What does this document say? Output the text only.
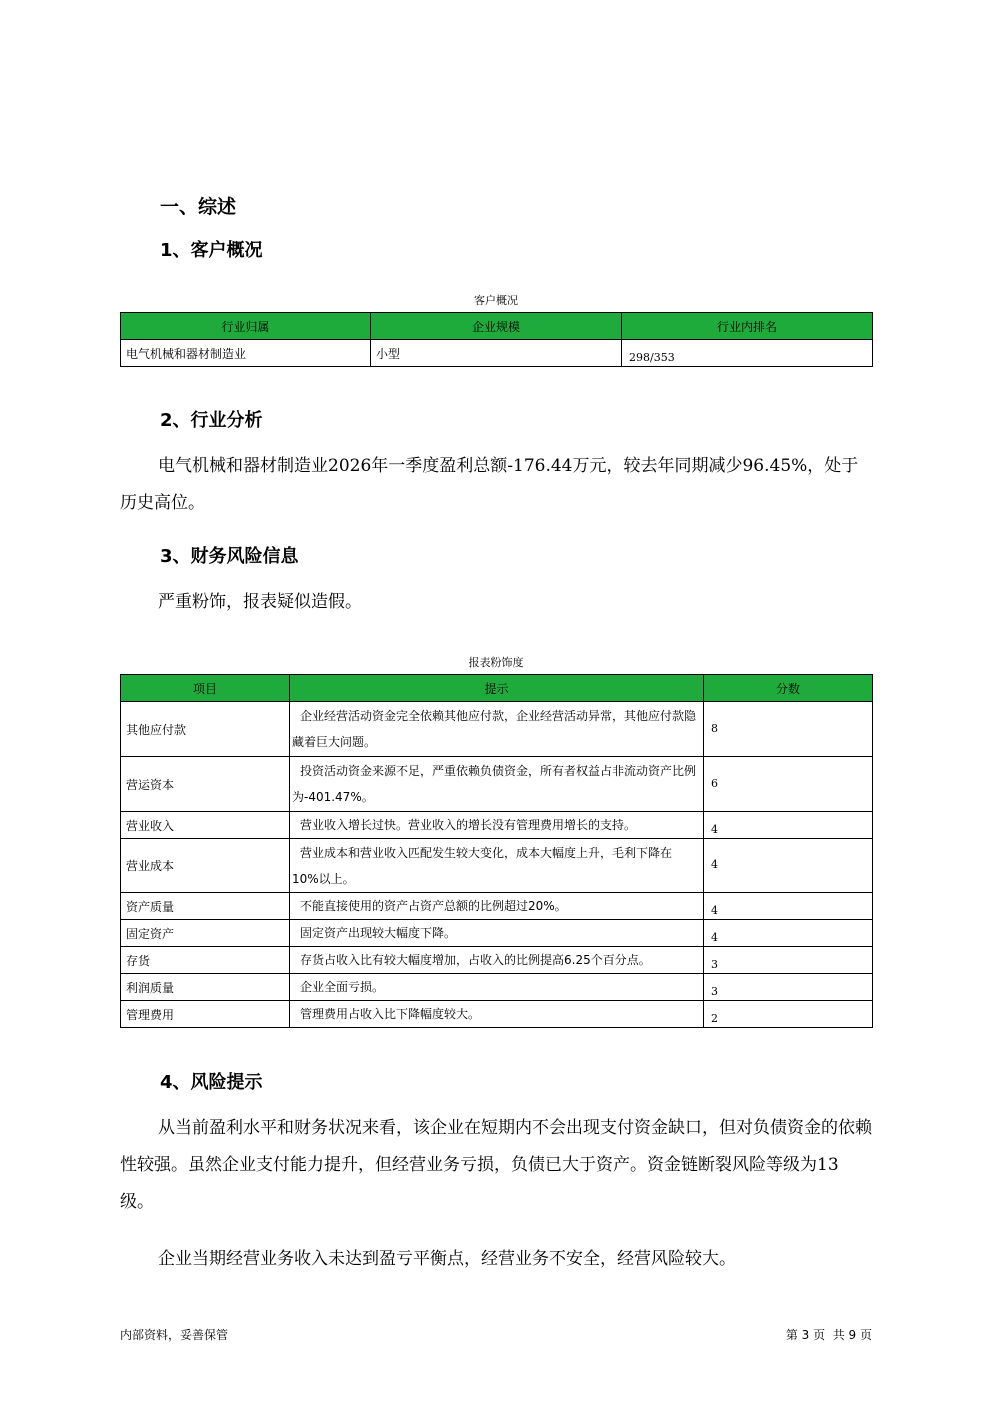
一、综述
1、客户概况
客户概况
行业归属	企业规模	行业内排名
电气机械和器材制造业	小型	298/353
2、行业分析
电气机械和器材制造业2026年一季度盈利总额-176.44万元，较去年同期减少96.45%，处于历史高位。
3、财务风险信息
严重粉饰，报表疑似造假。
报表粉饰度
项目	提示	分数
其他应付款	企业经营活动资金完全依赖其他应付款，企业经营活动异常，其他应付款隐藏着巨大问题。	8
营运资本	投资活动资金来源不足，严重依赖负债资金，所有者权益占非流动资产比例为-401.47%。	6
营业收入	营业收入增长过快。营业收入的增长没有管理费用增长的支持。	4
营业成本	营业成本和营业收入匹配发生较大变化，成本大幅度上升，毛利下降在10%以上。	4
资产质量	不能直接使用的资产占资产总额的比例超过20%。	4
固定资产	固定资产出现较大幅度下降。	4
存货	存货占收入比有较大幅度增加，占收入的比例提高6.25个百分点。	3
利润质量	企业全面亏损。	3
管理费用	管理费用占收入比下降幅度较大。	2
4、风险提示
从当前盈利水平和财务状况来看，该企业在短期内不会出现支付资金缺口，但对负债资金的依赖性较强。虽然企业支付能力提升，但经营业务亏损，负债已大于资产。资金链断裂风险等级为13级。
企业当期经营业务收入未达到盈亏平衡点，经营业务不安全，经营风险较大。
内部资料，妥善保管	第 3 页  共 9 页
